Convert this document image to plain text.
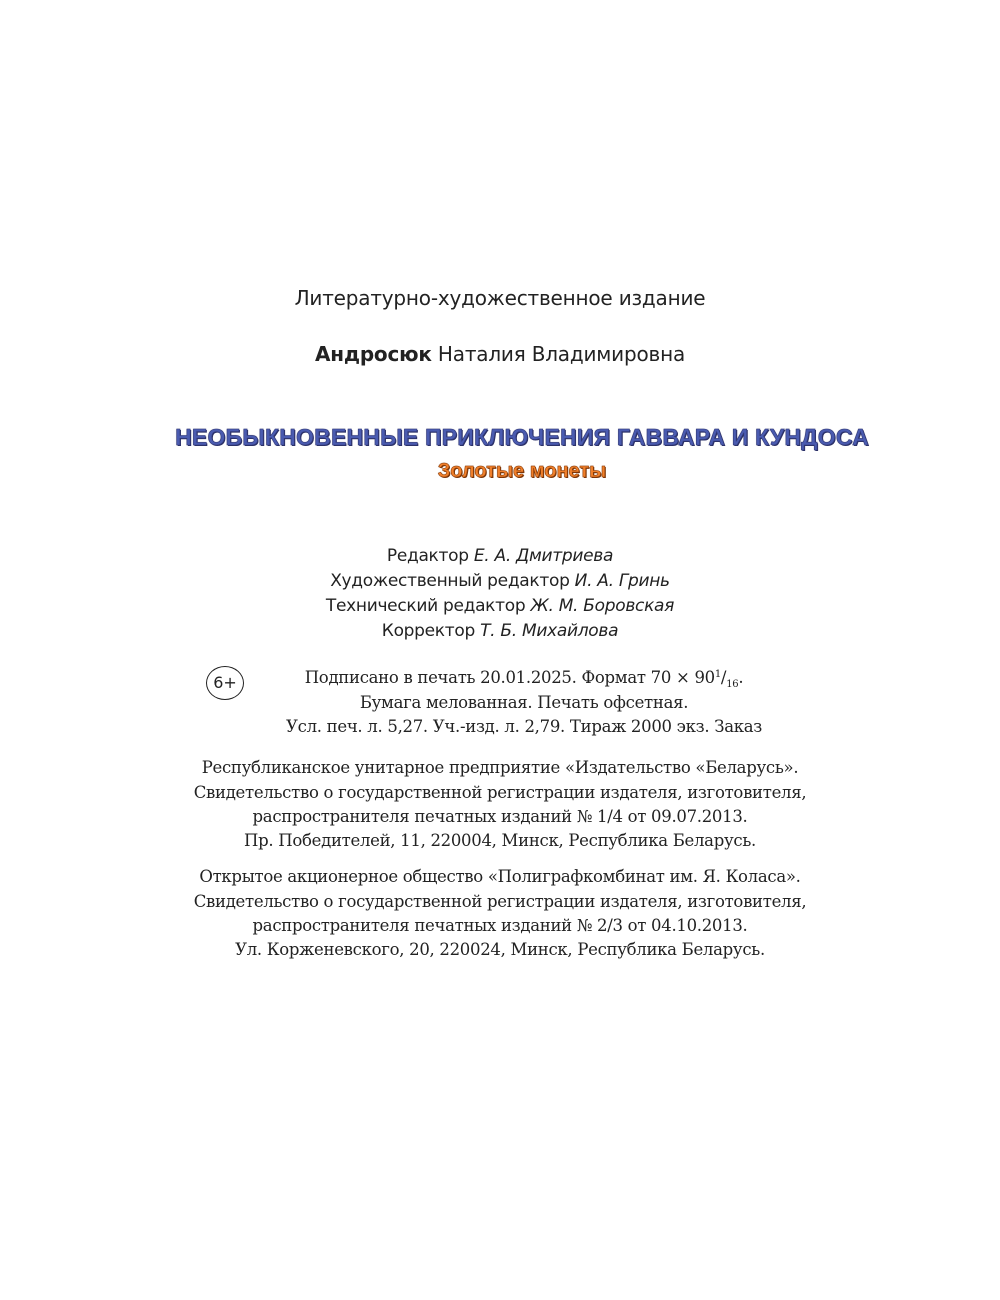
Литературно-художественное издание
Андросюк Наталия Владимировна
НЕОБЫКНОВЕННЫЕ ПРИКЛЮЧЕНИЯ ГАВВАРА И КУНДОСА
Золотые монеты
Редактор Е. А. Дмитриева
Художественный редактор И. А. Гринь
Технический редактор Ж. М. Боровская
Корректор Т. Б. Михайлова
6+	Подписано в печать 20.01.2025. Формат $70 \times 90^1/_{16}$.
Бумага мелованная. Печать офсетная.
Усл. печ. л. 5,27. Уч.-изд. л. 2,79. Тираж 2000 экз. Заказ
Республиканское унитарное предприятие «Издательство «Беларусь».
Свидетельство о государственной регистрации издателя, изготовителя,
распространителя печатных изданий № 1/4 от 09.07.2013.
Пр. Победителей, 11, 220004, Минск, Республика Беларусь.
Открытое акционерное общество «Полиграфкомбинат им. Я. Коласа».
Свидетельство о государственной регистрации издателя, изготовителя,
распространителя печатных изданий № 2/3 от 04.10.2013.
Ул. Корженевского, 20, 220024, Минск, Республика Беларусь.
